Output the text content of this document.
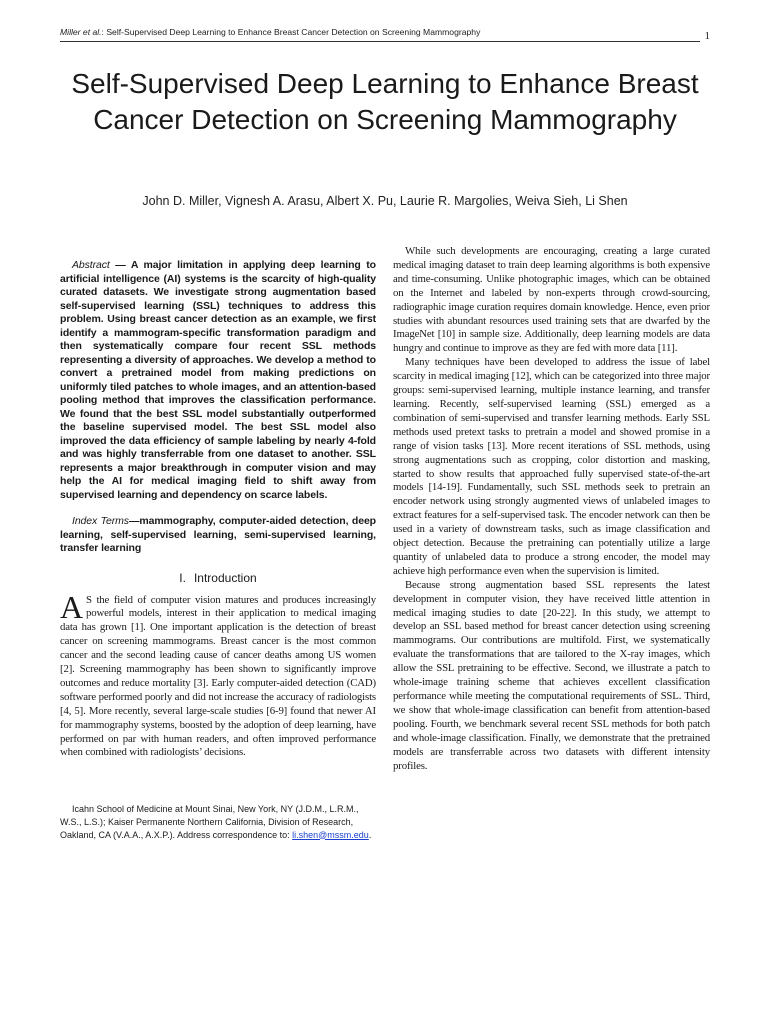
Miller et al.: Self-Supervised Deep Learning to Enhance Breast Cancer Detection on Screening Mammography	1
Self-Supervised Deep Learning to Enhance Breast Cancer Detection on Screening Mammography
John D. Miller, Vignesh A. Arasu, Albert X. Pu, Laurie R. Margolies, Weiva Sieh, Li Shen

Abstract — A major limitation in applying deep learning to artificial intelligence (AI) systems is the scarcity of high-quality curated datasets. We investigate strong augmentation based self-supervised learning (SSL) techniques to address this problem. Using breast cancer detection as an example, we first identify a mammogram-specific transformation paradigm and then systematically compare four recent SSL methods representing a diversity of approaches. We develop a method to convert a pretrained model from making predictions on uniformly tiled patches to whole images, and an attention-based pooling method that improves the classification performance. We found that the best SSL model substantially outperformed the baseline supervised model. The best SSL model also improved the data efficiency of sample labeling by nearly 4-fold and was highly transferrable from one dataset to another. SSL represents a major breakthrough in computer vision and may help the AI for medical imaging field to shift away from supervised learning and dependency on scarce labels.

Index Terms—mammography, computer-aided detection, deep learning, self-supervised learning, semi-supervised learning, transfer learning

I. Introduction

A S the field of computer vision matures and produces increasingly powerful models, interest in their application to medical imaging data has grown [1]. One important application is the detection of breast cancer on screening mammograms. Breast cancer is the most common cancer and the second leading cause of cancer deaths among US women [2]. Screening mammography has been shown to significantly improve outcomes and reduce mortality [3]. Early computer-aided detection (CAD) software performed poorly and did not increase the accuracy of radiologists [4, 5]. More recently, several large-scale studies [6-9] found that newer AI for mammography systems, boosted by the adoption of deep learning, have performed on par with human readers, and often improved performance when combined with radiologists’ decisions.

Icahn School of Medicine at Mount Sinai, New York, NY (J.D.M., L.R.M., W.S., L.S.); Kaiser Permanente Northern California, Division of Research, Oakland, CA (V.A.A., A.X.P.). Address correspondence to: li.shen@mssm.edu.

While such developments are encouraging, creating a large curated medical imaging dataset to train deep learning algorithms is both expensive and time-consuming. Unlike photographic images, which can be obtained on the Internet and labeled by non-experts through crowd-sourcing, radiographic image curation requires domain knowledge. Hence, even prior studies with abundant resources used training sets that are dwarfed by the ImageNet [10] in sample size. Additionally, deep learning models are data hungry and continue to improve as they are fed with more data [11].

Many techniques have been developed to address the issue of label scarcity in medical imaging [12], which can be categorized into three major groups: semi-supervised learning, multiple instance learning, and transfer learning. Recently, self-supervised learning (SSL) emerged as a combination of semi-supervised and transfer learning methods. Early SSL methods used pretext tasks to pretrain a model and showed promise in a range of vision tasks [13]. More recent iterations of SSL methods, using strong augmentations such as cropping, color distortion and masking, started to show results that approached fully supervised state-of-the-art models [14-19]. Fundamentally, such SSL methods seek to pretrain an encoder network using strongly augmented views of unlabeled images to extract features for a self-supervised task. The encoder network can then be used in a variety of downstream tasks, such as image classification and object detection. Because the pretraining can potentially utilize a large quantity of unlabeled data to produce a strong encoder, the model may achieve high performance even when the supervision is limited.

Because strong augmentation based SSL represents the latest development in computer vision, they have received little attention in medical imaging studies to date [20-22]. In this study, we attempt to develop an SSL based method for breast cancer detection using screening mammograms. Our contributions are multifold. First, we systematically evaluate the transformations that are tailored to the X-ray images, which allow the SSL pretraining to be effective. Second, we illustrate a patch to whole-image training scheme that achieves excellent classification performance while meeting the computational requirements of SSL. Third, we show that whole-image classification can benefit from attention-based pooling. Fourth, we benchmark several recent SSL methods for both patch and whole-image classification. Finally, we demonstrate that the pretrained models are transferrable across two datasets with different intensity profiles.
